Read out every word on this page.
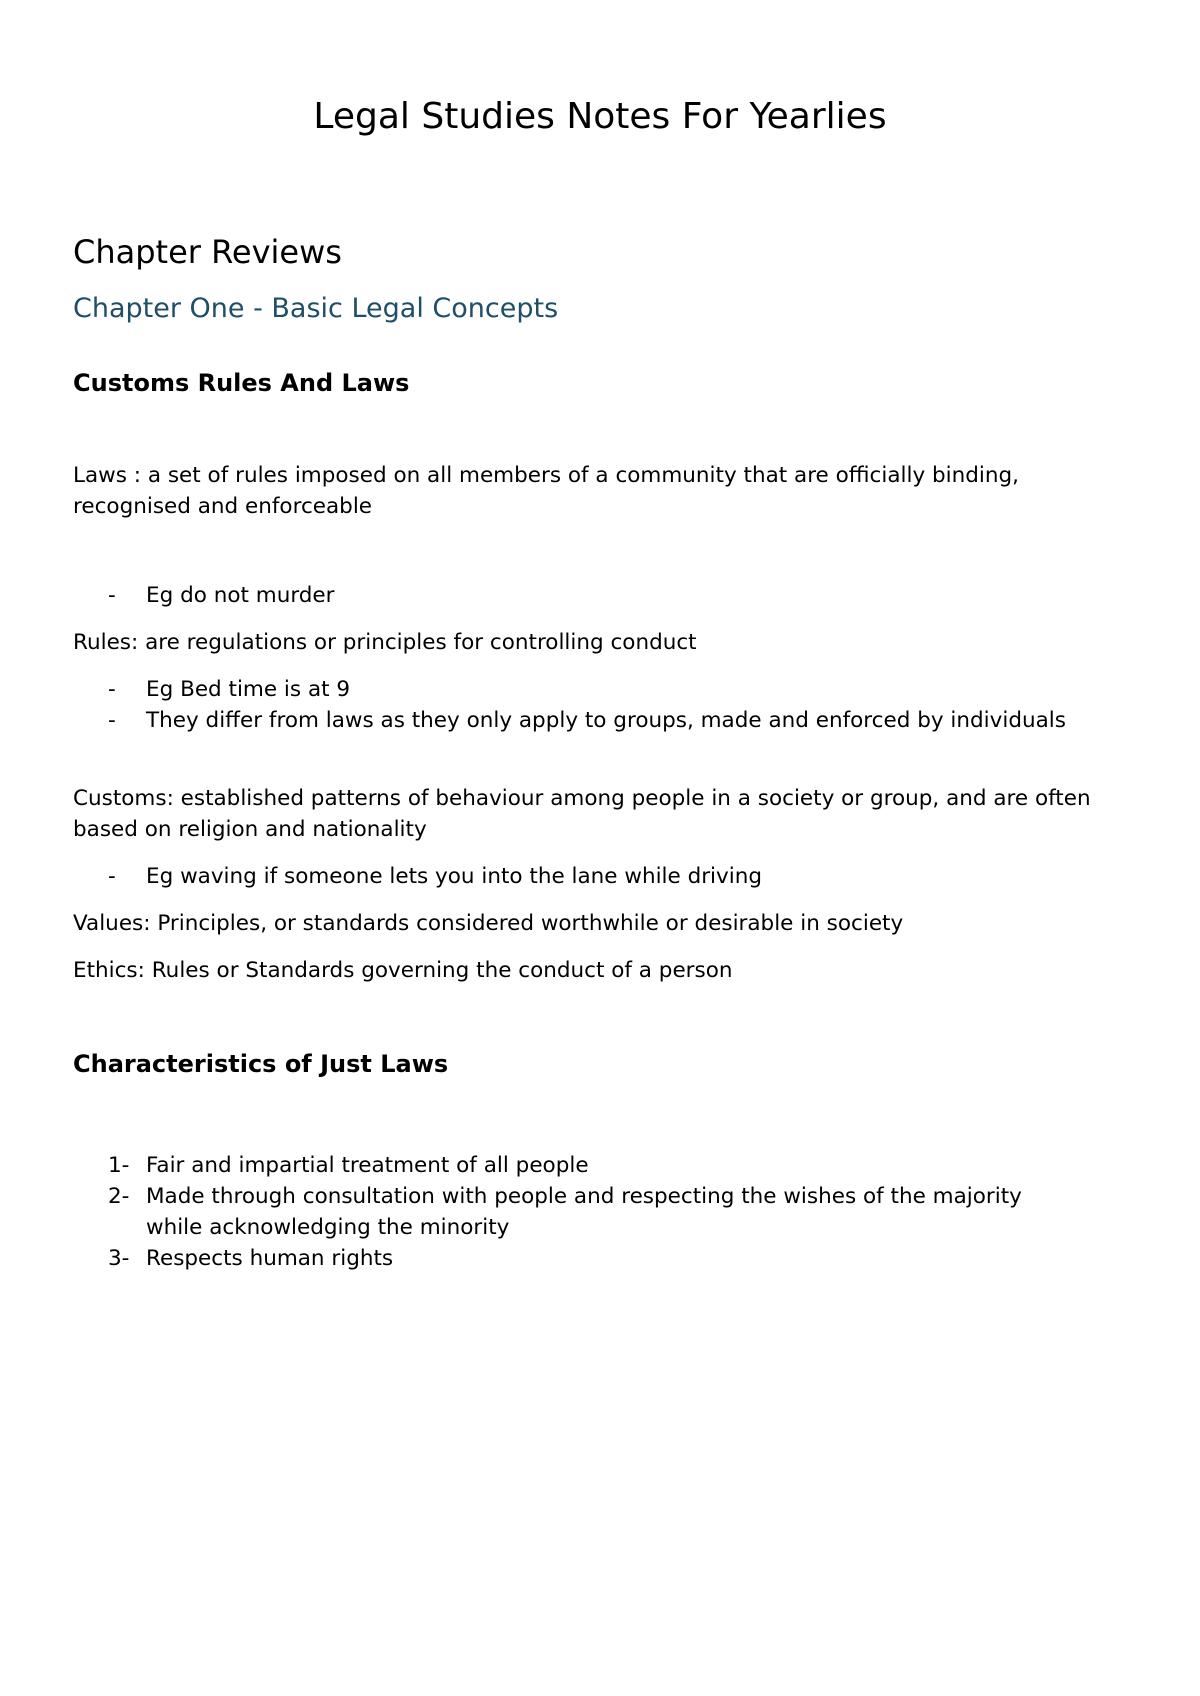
Legal Studies Notes For Yearlies
Chapter Reviews
Chapter One - Basic Legal Concepts
Customs Rules And Laws

Laws : a set of rules imposed on all members of a community that are officially binding, recognised and enforceable

-	Eg do not murder

Rules: are regulations or principles for controlling conduct

-	Eg Bed time is at 9
-	They differ from laws as they only apply to groups, made and enforced by individuals

Customs: established patterns of behaviour among people in a society or group, and are often based on religion and nationality

-	Eg waving if someone lets you into the lane while driving

Values: Principles, or standards considered worthwhile or desirable in society

Ethics: Rules or Standards governing the conduct of a person

Characteristics of Just Laws
1- Fair and impartial treatment of all people
2- Made through consultation with people and respecting the wishes of the majority while acknowledging the minority
3- Respects human rights
